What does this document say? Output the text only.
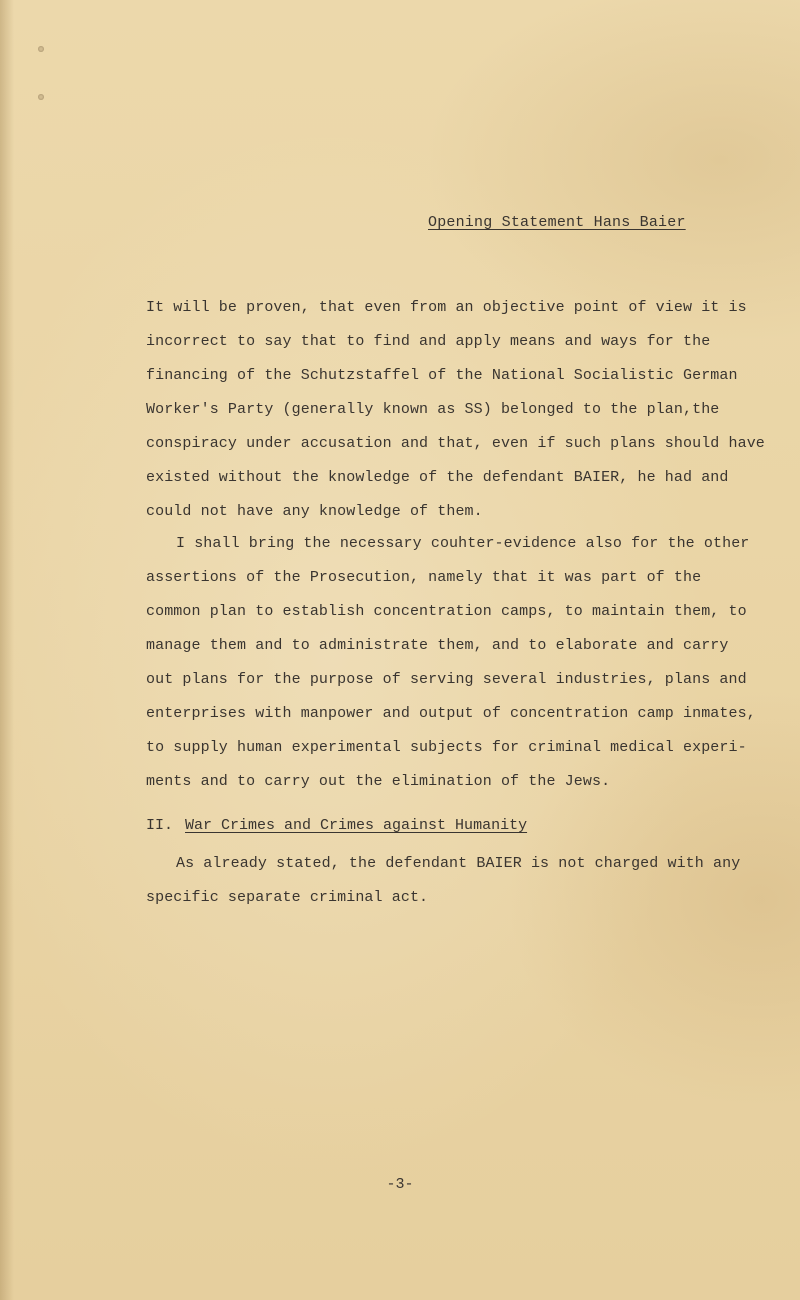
Opening Statement Hans Baier
It will be proven, that even from an objective point of view it is
incorrect to say that to find and apply means and ways for the
financing of the Schutzstaffel of the National Socialistic German
Worker's Party (generally known as SS) belonged to the plan,the
conspiracy under accusation and that, even if such plans should have
existed without the knowledge of the defendant BAIER, he had and
could not have any knowledge of them.
I shall bring the necessary couhter-evidence also for the other
assertions of the Prosecution, namely that it was part of the
common plan to establish concentration camps, to maintain them, to
manage them and to administrate them, and to elaborate and carry
out plans for the purpose of serving several industries, plans and
enterprises with manpower and output of concentration camp inmates,
to supply human experimental subjects for criminal medical experi-
ments and to carry out the elimination of the Jews.
II. War Crimes and Crimes against Humanity
As already stated, the defendant BAIER is not charged with any
specific separate criminal act.
-3-
